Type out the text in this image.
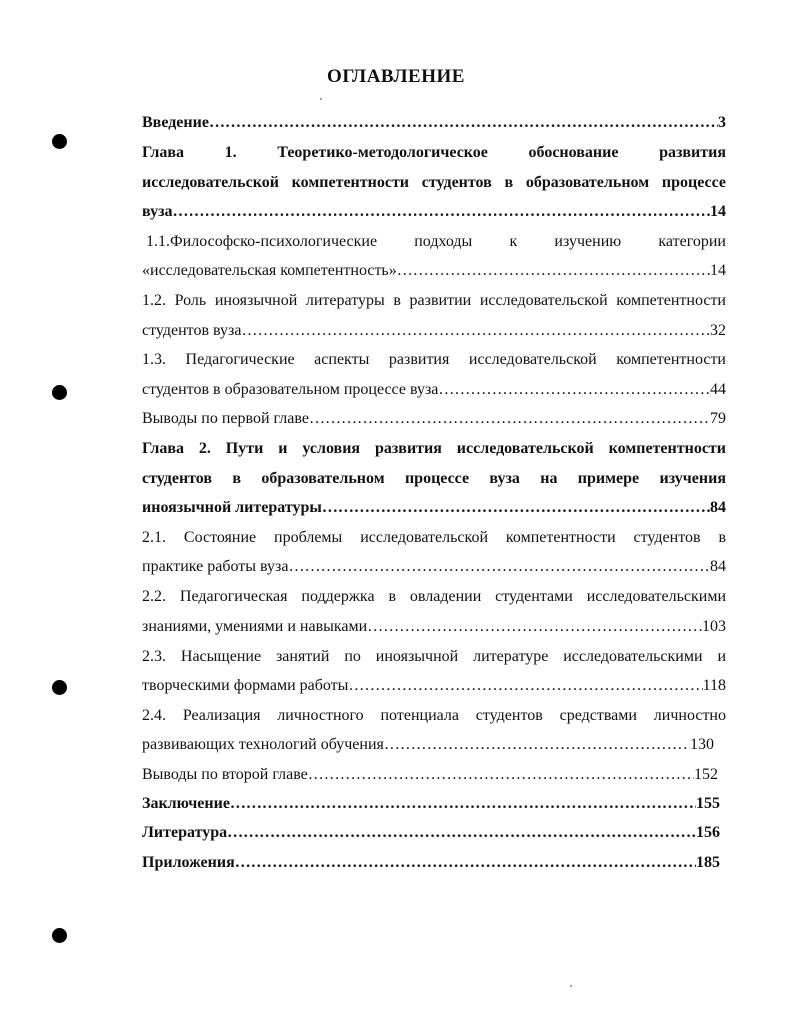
ОГЛАВЛЕНИЕ
Введение …………………………………………………………………………………………………………………………………………………………………………………………	3
Глава 1. Теоретико-методологическое обоснование развития
исследовательской компетентности студентов в образовательном процессе
вуза …………………………………………………………………………………………………………………………………………………………………………………………	14
1.1.Философско-психологические подходы к изучению категории
«исследовательская компетентность» …………………………………………………………………………………………………………………………………………………………………………………………	14
1.2. Роль иноязычной литературы в развитии исследовательской компетентности
студентов вуза …………………………………………………………………………………………………………………………………………………………………………………………	32
1.3. Педагогические аспекты развития исследовательской компетентности
студентов в образовательном процессе вуза …………………………………………………………………………………………………………………………………………………………………………………………	44
Выводы по первой главе …………………………………………………………………………………………………………………………………………………………………………………………	79
Глава 2. Пути и условия развития исследовательской компетентности
студентов в образовательном процессе вуза на примере изучения
иноязычной литературы …………………………………………………………………………………………………………………………………………………………………………………………	84
2.1. Состояние проблемы исследовательской компетентности студентов в
практике работы вуза …………………………………………………………………………………………………………………………………………………………………………………………	84
2.2. Педагогическая поддержка в овладении студентами исследовательскими
знаниями, умениями и навыками …………………………………………………………………………………………………………………………………………………………………………………………	103
2.3. Насыщение занятий по иноязычной литературе исследовательскими и
творческими формами работы …………………………………………………………………………………………………………………………………………………………………………………………	118
2.4. Реализация личностного потенциала студентов средствами личностно
развивающих технологий обучения …………………………………………………………………………………………………………………………………………………………………………………………	130
Выводы по второй главе …………………………………………………………………………………………………………………………………………………………………………………………	152
Заключение …………………………………………………………………………………………………………………………………………………………………………………………	155
Литература …………………………………………………………………………………………………………………………………………………………………………………………	156
Приложения …………………………………………………………………………………………………………………………………………………………………………………………	185
